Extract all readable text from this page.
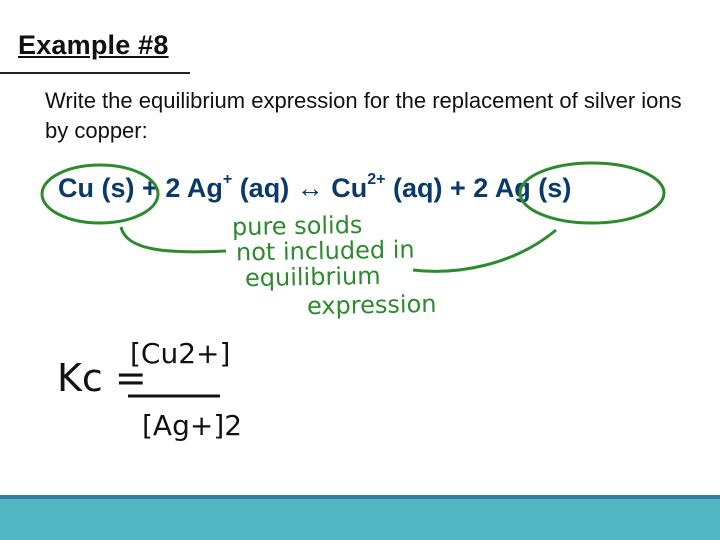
Example #8
Write the equilibrium expression for the replacement of silver ions by copper:
Cu (s) + 2 Ag+ (aq) ↔ $Cu^{2+}$ (aq) + 2 Ag (s)
pure solids
not included in
equilibrium
expression
Kc =
[Cu2+]
[Ag+]2
